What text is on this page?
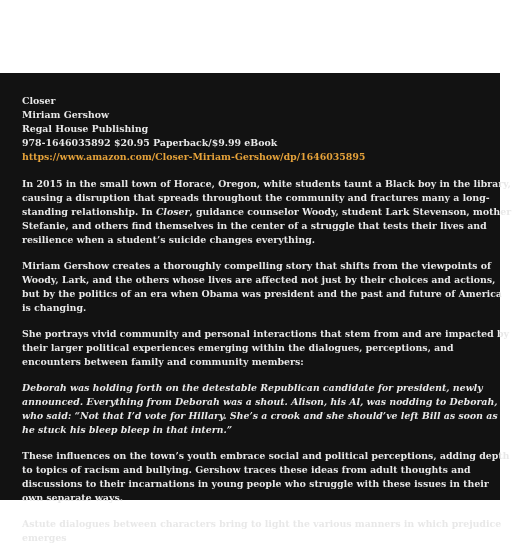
Closer
Miriam Gershow
Regal House Publishing
978-1646035892 $20.95 Paperback/$9.99 eBook
https://www.amazon.com/Closer-Miriam-Gershow/dp/1646035895

In 2015 in the small town of Horace, Oregon, white students taunt a Black boy in the library, causing a disruption that spreads throughout the community and fractures many a long-standing relationship. In Closer, guidance counselor Woody, student Lark Stevenson, mother Stefanie, and others find themselves in the center of a struggle that tests their lives and resilience when a student’s suicide changes everything.

Miriam Gershow creates a thoroughly compelling story that shifts from the viewpoints of Woody, Lark, and the others whose lives are affected not just by their choices and actions, but by the politics of an era when Obama was president and the past and future of America is changing.

She portrays vivid community and personal interactions that stem from and are impacted by their larger political experiences emerging within the dialogues, perceptions, and encounters between family and community members:

Deborah was holding forth on the detestable Republican candidate for president, newly announced. Everything from Deborah was a shout. Alison, his Al, was nodding to Deborah, who said: “Not that I’d vote for Hillary. She’s a crook and she should’ve left Bill as soon as he stuck his bleep bleep in that intern.”

These influences on the town’s youth embrace social and political perceptions, adding depth to topics of racism and bullying. Gershow traces these ideas from adult thoughts and discussions to their incarnations in young people who struggle with these issues in their own separate ways.

Astute dialogues between characters bring to light the various manners in which prejudice emerges
